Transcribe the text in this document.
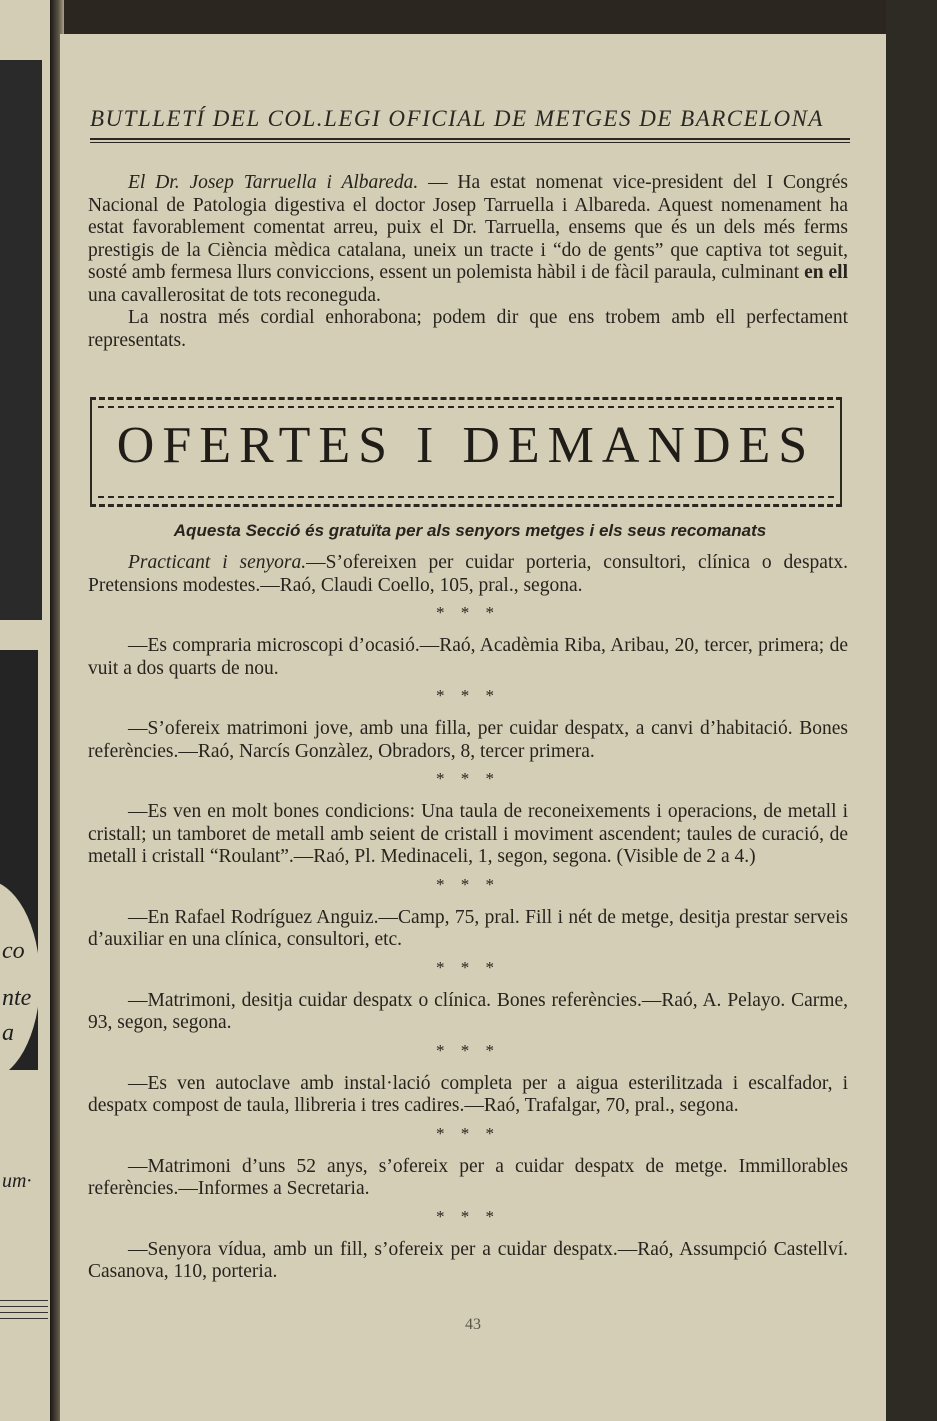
co
nte
a
um·
BUTLLETÍ DEL COL.LEGI OFICIAL DE METGES DE BARCELONA

El Dr. Josep Tarruella i Albareda. — Ha estat nomenat vice-president del I Congrés Nacional de Patologia digestiva el doctor Josep Tarruella i Albareda. Aquest nomenament ha estat favorablement comentat arreu, puix el Dr. Tarruella, ensems que és un dels més ferms prestigis de la Ciència mèdica catalana, uneix un tracte i “do de gents” que captiva tot seguit, sosté amb fermesa llurs conviccions, essent un polemista hàbil i de fàcil paraula, culminant en ell una cavallerositat de tots reconeguda.

La nostra més cordial enhorabona; podem dir que ens trobem amb ell perfectament representats.

OFERTES I DEMANDES
Aquesta Secció és gratuïta per als senyors metges i els seus recomanats

Practicant i senyora.—S’ofereixen per cuidar porteria, consultori, clínica o despatx. Pretensions modestes.—Raó, Claudi Coello, 105, pral., segona.

* * *

—Es compraria microscopi d’ocasió.—Raó, Acadèmia Riba, Aribau, 20, tercer, primera; de vuit a dos quarts de nou.

* * *

—S’ofereix matrimoni jove, amb una filla, per cuidar despatx, a canvi d’habitació. Bones referències.—Raó, Narcís Gonzàlez, Obradors, 8, tercer primera.

* * *

—Es ven en molt bones condicions: Una taula de reconeixements i operacions, de metall i cristall; un tamboret de metall amb seient de cristall i moviment ascendent; taules de curació, de metall i cristall “Roulant”.—Raó, Pl. Medinaceli, 1, segon, segona. (Visible de 2 a 4.)

* * *

—En Rafael Rodríguez Anguiz.—Camp, 75, pral. Fill i nét de metge, desitja prestar serveis d’auxiliar en una clínica, consultori, etc.

* * *

—Matrimoni, desitja cuidar despatx o clínica. Bones referències.—Raó, A. Pelayo. Carme, 93, segon, segona.

* * *

—Es ven autoclave amb instal·lació completa per a aigua esterilitzada i escalfador, i despatx compost de taula, llibreria i tres cadires.—Raó, Trafalgar, 70, pral., segona.

* * *

—Matrimoni d’uns 52 anys, s’ofereix per a cuidar despatx de metge. Immillorables referències.—Informes a Secretaria.

* * *

—Senyora vídua, amb un fill, s’ofereix per a cuidar despatx.—Raó, Assumpció Castellví. Casanova, 110, porteria.

43
